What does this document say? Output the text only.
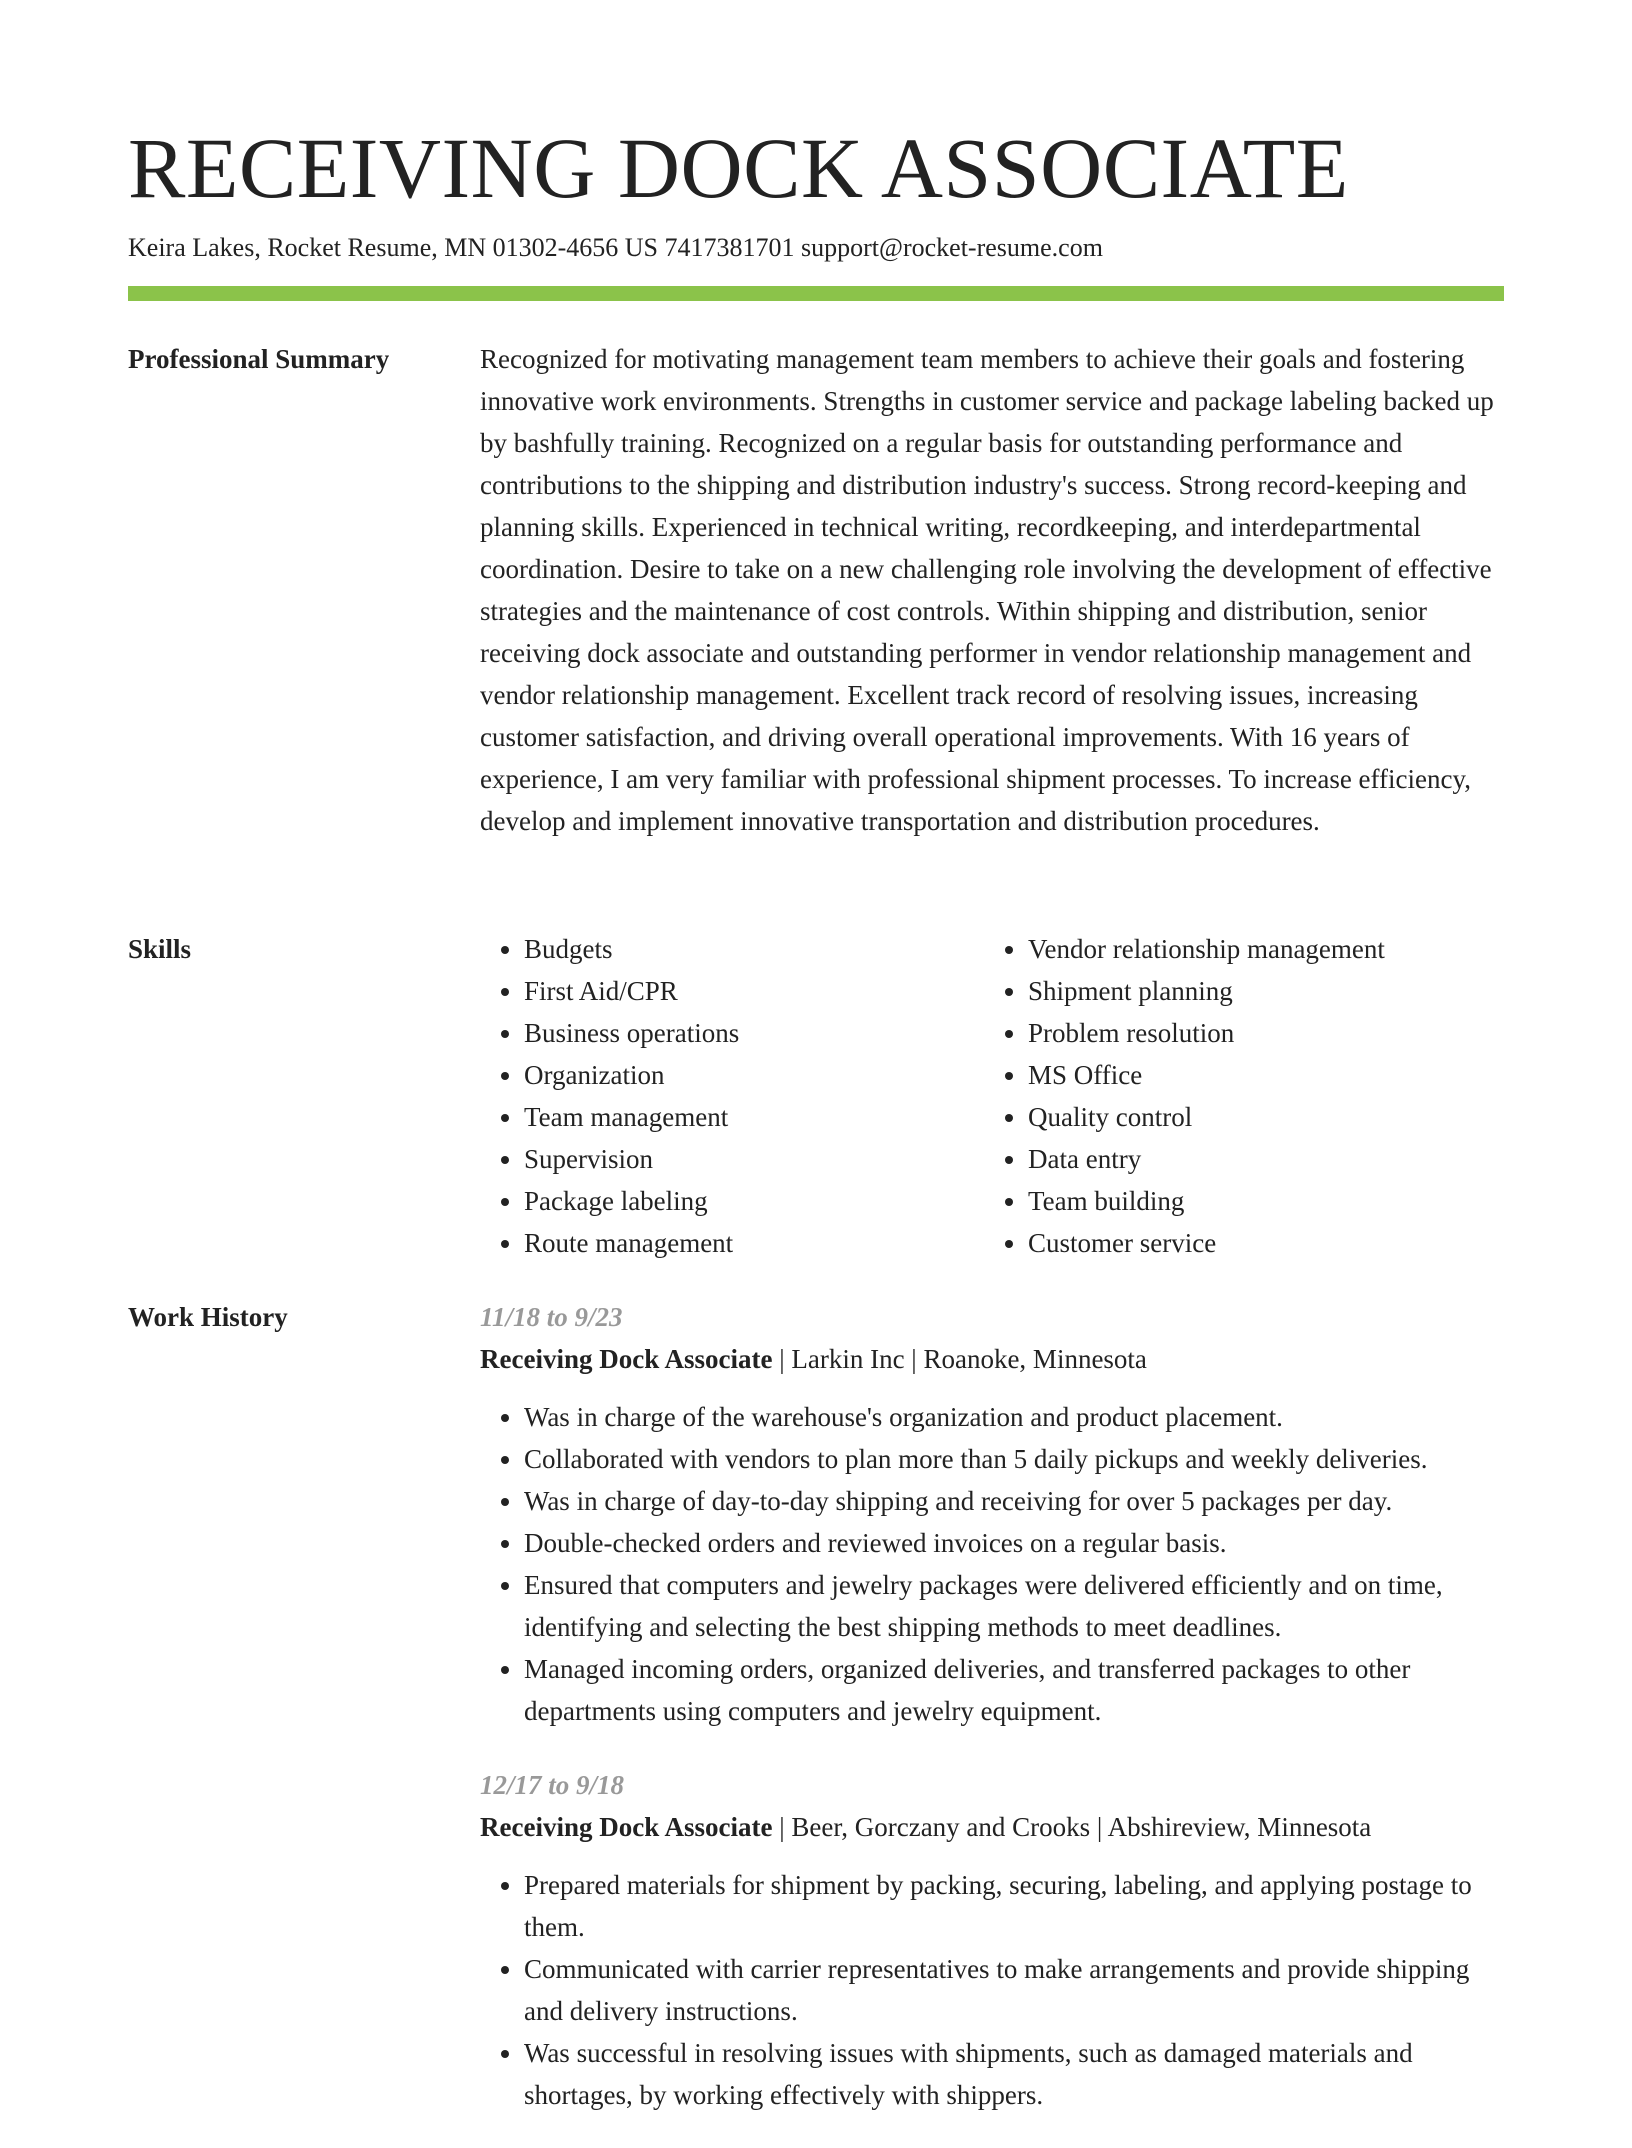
RECEIVING DOCK ASSOCIATE
Keira Lakes, Rocket Resume, MN 01302-4656 US 7417381701 support@rocket-resume.com
Professional Summary	Recognized for motivating management team members to achieve their goals and fostering innovative work environments. Strengths in customer service and package labeling backed up by bashfully training. Recognized on a regular basis for outstanding performance and contributions to the shipping and distribution industry's success. Strong record-keeping and planning skills. Experienced in technical writing, recordkeeping, and interdepartmental coordination. Desire to take on a new challenging role involving the development of effective strategies and the maintenance of cost controls. Within shipping and distribution, senior receiving dock associate and outstanding performer in vendor relationship management and vendor relationship management. Excellent track record of resolving issues, increasing customer satisfaction, and driving overall operational improvements. With 16 years of experience, I am very familiar with professional shipment processes. To increase efficiency, develop and implement innovative transportation and distribution procedures.

Skills
•	Budgets
• First Aid/CPR
• Business operations
• Organization
• Team management
• Supervision
• Package labeling
• Route management
• Vendor relationship management
• Shipment planning
• Problem resolution
• MS Office
• Quality control
• Data entry
• Team building
• Customer service
Work History	11/18 to 9/23
Receiving Dock Associate | Larkin Inc | Roanoke, Minnesota
• Was in charge of the warehouse's organization and product placement.
• Collaborated with vendors to plan more than 5 daily pickups and weekly deliveries.
• Was in charge of day-to-day shipping and receiving for over 5 packages per day.
• Double-checked orders and reviewed invoices on a regular basis.
• Ensured that computers and jewelry packages were delivered efficiently and on time, identifying and selecting the best shipping methods to meet deadlines.
• Managed incoming orders, organized deliveries, and transferred packages to other departments using computers and jewelry equipment.
12/17 to 9/18
Receiving Dock Associate | Beer, Gorczany and Crooks | Abshireview, Minnesota
• Prepared materials for shipment by packing, securing, labeling, and applying postage to them.
• Communicated with carrier representatives to make arrangements and provide shipping and delivery instructions.
• Was successful in resolving issues with shipments, such as damaged materials and shortages, by working effectively with shippers.
